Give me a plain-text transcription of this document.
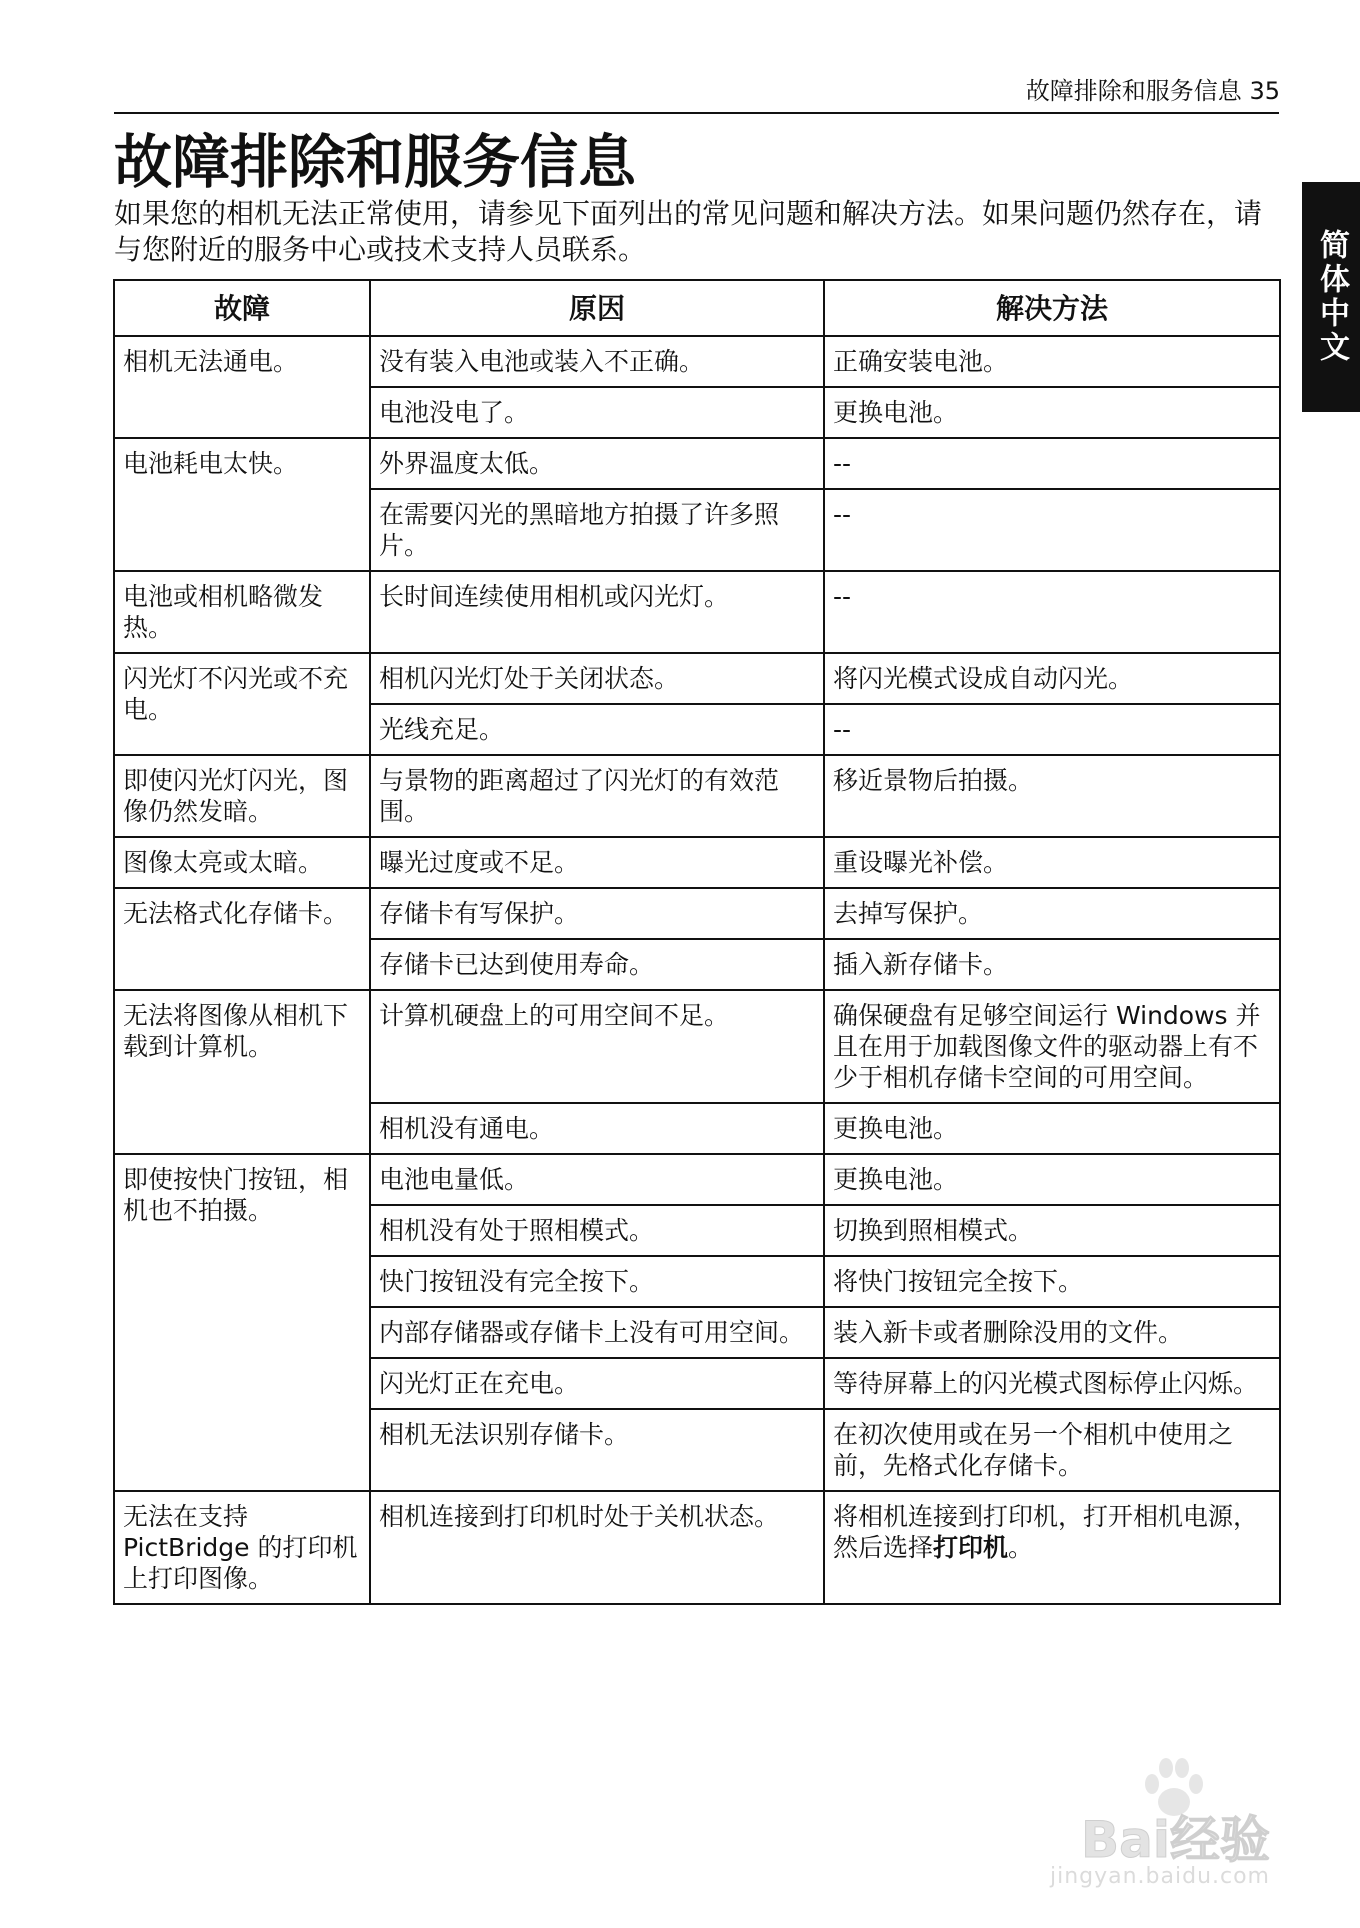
故障排除和服务信息 35
故障排除和服务信息

如果您的相机无法正常使用，请参见下面列出的常见问题和解决方法。如果问题仍然存在，请与您附近的服务中心或技术支持人员联系。	简体中文
故障	原因	解决方法
相机无法通电。	没有装入电池或装入不正确。	正确安装电池。
	电池没电了。	更换电池。
电池耗电太快。	外界温度太低。	--
	在需要闪光的黑暗地方拍摄了许多照片。	--
电池或相机略微发热。	长时间连续使用相机或闪光灯。	--
闪光灯不闪光或不充电。	相机闪光灯处于关闭状态。	将闪光模式设成自动闪光。
	光线充足。	--
即使闪光灯闪光，图像仍然发暗。	与景物的距离超过了闪光灯的有效范围。	移近景物后拍摄。
图像太亮或太暗。	曝光过度或不足。	重设曝光补偿。
无法格式化存储卡。	存储卡有写保护。	去掉写保护。
	存储卡已达到使用寿命。	插入新存储卡。
无法将图像从相机下载到计算机。	计算机硬盘上的可用空间不足。	确保硬盘有足够空间运行 Windows 并且在用于加载图像文件的驱动器上有不少于相机存储卡空间的可用空间。
	相机没有通电。	更换电池。
即使按快门按钮，相机也不拍摄。	电池电量低。	更换电池。
	相机没有处于照相模式。	切换到照相模式。
	快门按钮没有完全按下。	将快门按钮完全按下。
	内部存储器或存储卡上没有可用空间。	装入新卡或者删除没用的文件。
	闪光灯正在充电。	等待屏幕上的闪光模式图标停止闪烁。
	相机无法识别存储卡。	在初次使用或在另一个相机中使用之前，先格式化存储卡。
无法在支持 PictBridge 的打印机上打印图像。	相机连接到打印机时处于关机状态。	将相机连接到打印机，打开相机电源，然后选择打印机。
Bai经验
jingyan.baidu.com
